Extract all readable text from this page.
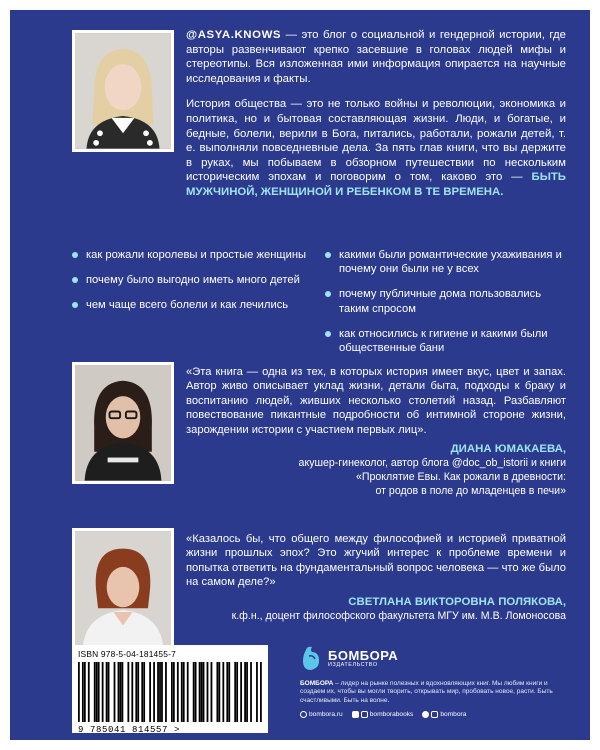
@ASYA.KNOWS — это блог о социальной и гендерной истории, где авторы развенчивают крепко засевшие в головах людей мифы и стереотипы. Вся изложенная ими информация опирается на научные исследования и факты.

История общества — это не только войны и революции, экономика и политика, но и бытовая составляющая жизни. Люди, и богатые, и бедные, болели, верили в Бога, питались, работали, рожали детей, т. е. выполняли повседневные дела. За пять глав книги, что вы держите в руках, мы побываем в обзорном путешествии по нескольким историческим эпохам и поговорим о том, каково это — БЫТЬ МУЖЧИНОЙ, ЖЕНЩИНОЙ И РЕБЕНКОМ В ТЕ ВРЕМЕНА.

как рожали королевы и простые женщины
почему было выгодно иметь много детей
чем чаще всего болели и как лечились
какими были романтические ухаживания и почему они были не у всех
почему публичные дома пользовались таким спросом
как относились к гигиене и какими были общественные бани

«Эта книга — одна из тех, в которых история имеет вкус, цвет и запах. Автор живо описывает уклад жизни, детали быта, подходы к браку и воспитанию людей, живших несколько столетий назад. Разбавляют повествование пикантные подробности об интимной стороне жизни, зарождении истории с участием первых лиц».

ДИАНА ЮМАКАЕВА,

акушер-гинеколог, автор блога @doc_ob_istorii и книги

«Проклятие Евы. Как рожали в древности:

от родов в поле до младенцев в печи»

«Казалось бы, что общего между философией и историей приватной жизни прошлых эпох? Это жгучий интерес к проблеме времени и попытка ответить на фундаментальный вопрос человека — что же было на самом деле?»

СВЕТЛАНА ВИКТОРОВНА ПОЛЯКОВА,

к.ф.н., доцент философского факультета МГУ им. М.В. Ломоносова

ISBN 978-5-04-181455-7
9 785041 814557 >
БОМБОРА
ИЗДАТЕЛЬСТВО

БОМБОРА – лидер на рынке полезных и вдохновляющих книг. Мы любим книги и создаем их, чтобы вы могли творить, открывать мир, пробовать новое, расти. Быть счастливыми. Быть на волне.

bombora.ru	bomborabooks	bombora
